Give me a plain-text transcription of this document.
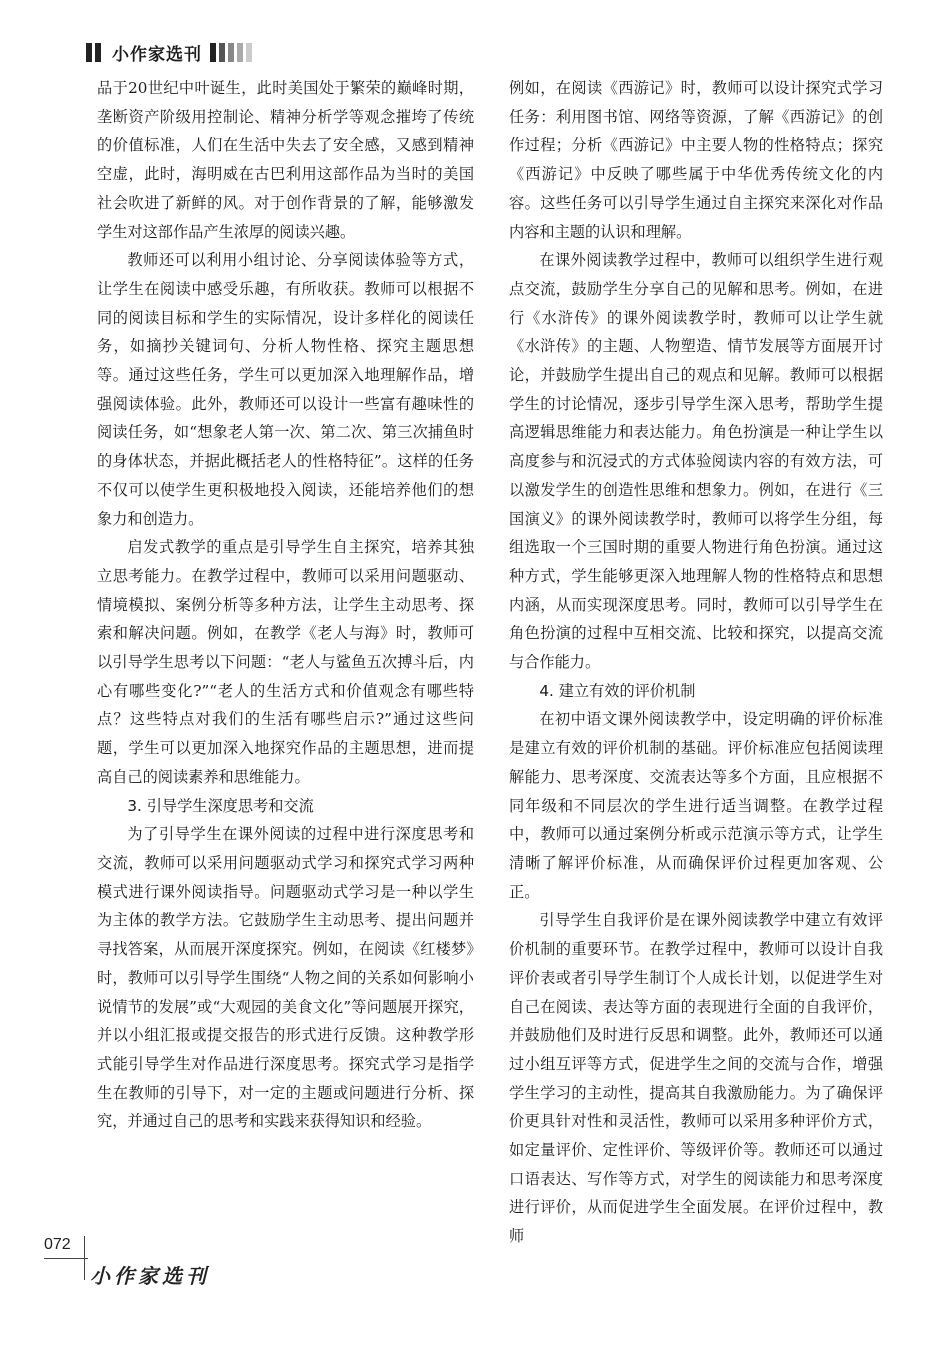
小作家选刊

品于20世纪中叶诞生，此时美国处于繁荣的巅峰时期，垄断资产阶级用控制论、精神分析学等观念摧垮了传统的价值标准，人们在生活中失去了安全感，又感到精神空虚，此时，海明威在古巴利用这部作品为当时的美国社会吹进了新鲜的风。对于创作背景的了解，能够激发学生对这部作品产生浓厚的阅读兴趣。

教师还可以利用小组讨论、分享阅读体验等方式，让学生在阅读中感受乐趣，有所收获。教师可以根据不同的阅读目标和学生的实际情况，设计多样化的阅读任务，如摘抄关键词句、分析人物性格、探究主题思想等。通过这些任务，学生可以更加深入地理解作品，增强阅读体验。此外，教师还可以设计一些富有趣味性的阅读任务，如“想象老人第一次、第二次、第三次捕鱼时的身体状态，并据此概括老人的性格特征”。这样的任务不仅可以使学生更积极地投入阅读，还能培养他们的想象力和创造力。

启发式教学的重点是引导学生自主探究，培养其独立思考能力。在教学过程中，教师可以采用问题驱动、情境模拟、案例分析等多种方法，让学生主动思考、探索和解决问题。例如，在教学《老人与海》时，教师可以引导学生思考以下问题：“老人与鲨鱼五次搏斗后，内心有哪些变化?”“老人的生活方式和价值观念有哪些特点？这些特点对我们的生活有哪些启示?”通过这些问题，学生可以更加深入地探究作品的主题思想，进而提高自己的阅读素养和思维能力。

3. 引导学生深度思考和交流

为了引导学生在课外阅读的过程中进行深度思考和交流，教师可以采用问题驱动式学习和探究式学习两种模式进行课外阅读指导。问题驱动式学习是一种以学生为主体的教学方法。它鼓励学生主动思考、提出问题并寻找答案，从而展开深度探究。例如，在阅读《红楼梦》时，教师可以引导学生围绕“人物之间的关系如何影响小说情节的发展”或“大观园的美食文化”等问题展开探究，并以小组汇报或提交报告的形式进行反馈。这种教学形式能引导学生对作品进行深度思考。探究式学习是指学生在教师的引导下，对一定的主题或问题进行分析、探究，并通过自己的思考和实践来获得知识和经验。

例如，在阅读《西游记》时，教师可以设计探究式学习任务：利用图书馆、网络等资源，了解《西游记》的创作过程；分析《西游记》中主要人物的性格特点；探究《西游记》中反映了哪些属于中华优秀传统文化的内容。这些任务可以引导学生通过自主探究来深化对作品内容和主题的认识和理解。

在课外阅读教学过程中，教师可以组织学生进行观点交流，鼓励学生分享自己的见解和思考。例如，在进行《水浒传》的课外阅读教学时，教师可以让学生就《水浒传》的主题、人物塑造、情节发展等方面展开讨论，并鼓励学生提出自己的观点和见解。教师可以根据学生的讨论情况，逐步引导学生深入思考，帮助学生提高逻辑思维能力和表达能力。角色扮演是一种让学生以高度参与和沉浸式的方式体验阅读内容的有效方法，可以激发学生的创造性思维和想象力。例如，在进行《三国演义》的课外阅读教学时，教师可以将学生分组，每组选取一个三国时期的重要人物进行角色扮演。通过这种方式，学生能够更深入地理解人物的性格特点和思想内涵，从而实现深度思考。同时，教师可以引导学生在角色扮演的过程中互相交流、比较和探究，以提高交流与合作能力。

4. 建立有效的评价机制

在初中语文课外阅读教学中，设定明确的评价标准是建立有效的评价机制的基础。评价标准应包括阅读理解能力、思考深度、交流表达等多个方面，且应根据不同年级和不同层次的学生进行适当调整。在教学过程中，教师可以通过案例分析或示范演示等方式，让学生清晰了解评价标准，从而确保评价过程更加客观、公正。

引导学生自我评价是在课外阅读教学中建立有效评价机制的重要环节。在教学过程中，教师可以设计自我评价表或者引导学生制订个人成长计划，以促进学生对自己在阅读、表达等方面的表现进行全面的自我评价，并鼓励他们及时进行反思和调整。此外，教师还可以通过小组互评等方式，促进学生之间的交流与合作，增强学生学习的主动性，提高其自我激励能力。为了确保评价更具针对性和灵活性，教师可以采用多种评价方式，如定量评价、定性评价、等级评价等。教师还可以通过口语表达、写作等方式，对学生的阅读能力和思考深度进行评价，从而促进学生全面发展。在评价过程中，教师

072
小作家选刊
